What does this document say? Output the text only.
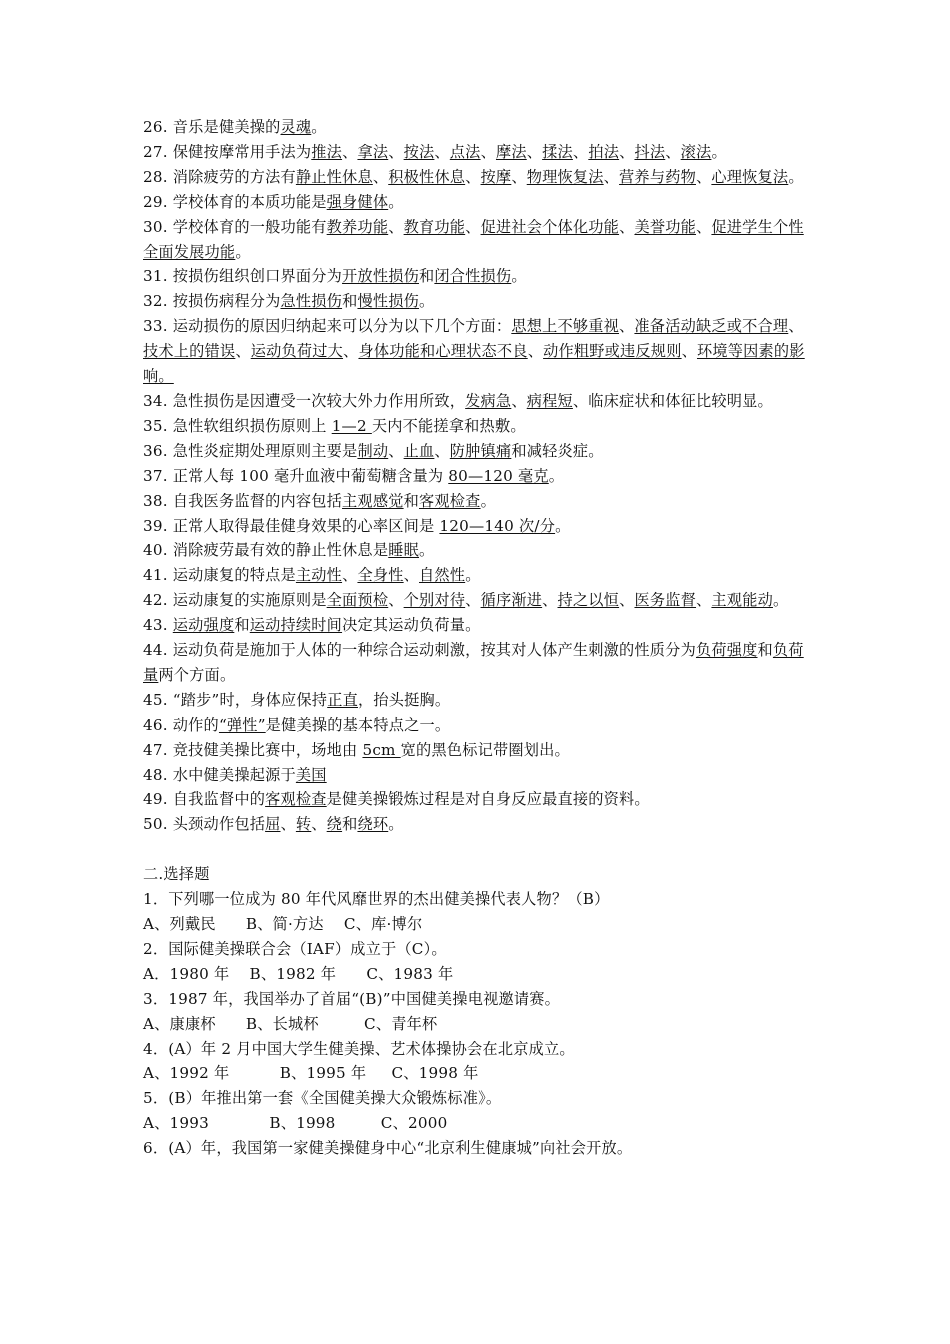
26. 音乐是健美操的灵魂。

27. 保健按摩常用手法为推法、拿法、按法、点法、摩法、揉法、拍法、抖法、滚法。

28. 消除疲劳的方法有静止性休息、积极性休息、按摩、物理恢复法、营养与药物、心理恢复法。

29. 学校体育的本质功能是强身健体。

30. 学校体育的一般功能有教养功能、教育功能、促进社会个体化功能、美誉功能、促进学生个性全面发展功能。

31. 按损伤组织创口界面分为开放性损伤和闭合性损伤。

32. 按损伤病程分为急性损伤和慢性损伤。

33. 运动损伤的原因归纳起来可以分为以下几个方面：思想上不够重视、准备活动缺乏或不合理、技术上的错误、运动负荷过大、身体功能和心理状态不良、动作粗野或违反规则、环境等因素的影响。

34. 急性损伤是因遭受一次较大外力作用所致，发病急、病程短、临床症状和体征比较明显。

35. 急性软组织损伤原则上 1—2 天内不能搓拿和热敷。

36. 急性炎症期处理原则主要是制动、止血、防肿镇痛和减轻炎症。

37. 正常人每 100 毫升血液中葡萄糖含量为 80—120 毫克。

38. 自我医务监督的内容包括主观感觉和客观检查。

39. 正常人取得最佳健身效果的心率区间是 120—140 次/分。

40. 消除疲劳最有效的静止性休息是睡眠。

41. 运动康复的特点是主动性、全身性、自然性。

42. 运动康复的实施原则是全面预检、个别对待、循序渐进、持之以恒、医务监督、主观能动。

43. 运动强度和运动持续时间决定其运动负荷量。

44. 运动负荷是施加于人体的一种综合运动刺激，按其对人体产生刺激的性质分为负荷强度和负荷量两个方面。

45. “踏步”时，身体应保持正直，抬头挺胸。

46. 动作的“弹性”是健美操的基本特点之一。

47. 竞技健美操比赛中，场地由 5cm 宽的黑色标记带圈划出。

48. 水中健美操起源于美国

49. 自我监督中的客观检查是健美操锻炼过程是对自身反应最直接的资料。

50. 头颈动作包括屈、转、绕和绕环。

二.选择题

1．下列哪一位成为 80 年代风靡世界的杰出健美操代表人物？（B）

A、列戴民      B、简·方达    C、库·博尔

2．国际健美操联合会（IAF）成立于（C）。

A．1980 年    B、1982 年      C、1983 年

3．1987 年，我国举办了首届“(B)”中国健美操电视邀请赛。

A、康康杯      B、长城杯         C、青年杯

4．(A）年 2 月中国大学生健美操、艺术体操协会在北京成立。

A、1992 年          B、1995 年     C、1998 年

5．(B）年推出第一套《全国健美操大众锻炼标准》。

A、1993            B、1998         C、2000

6．(A）年，我国第一家健美操健身中心“北京利生健康城”向社会开放。
